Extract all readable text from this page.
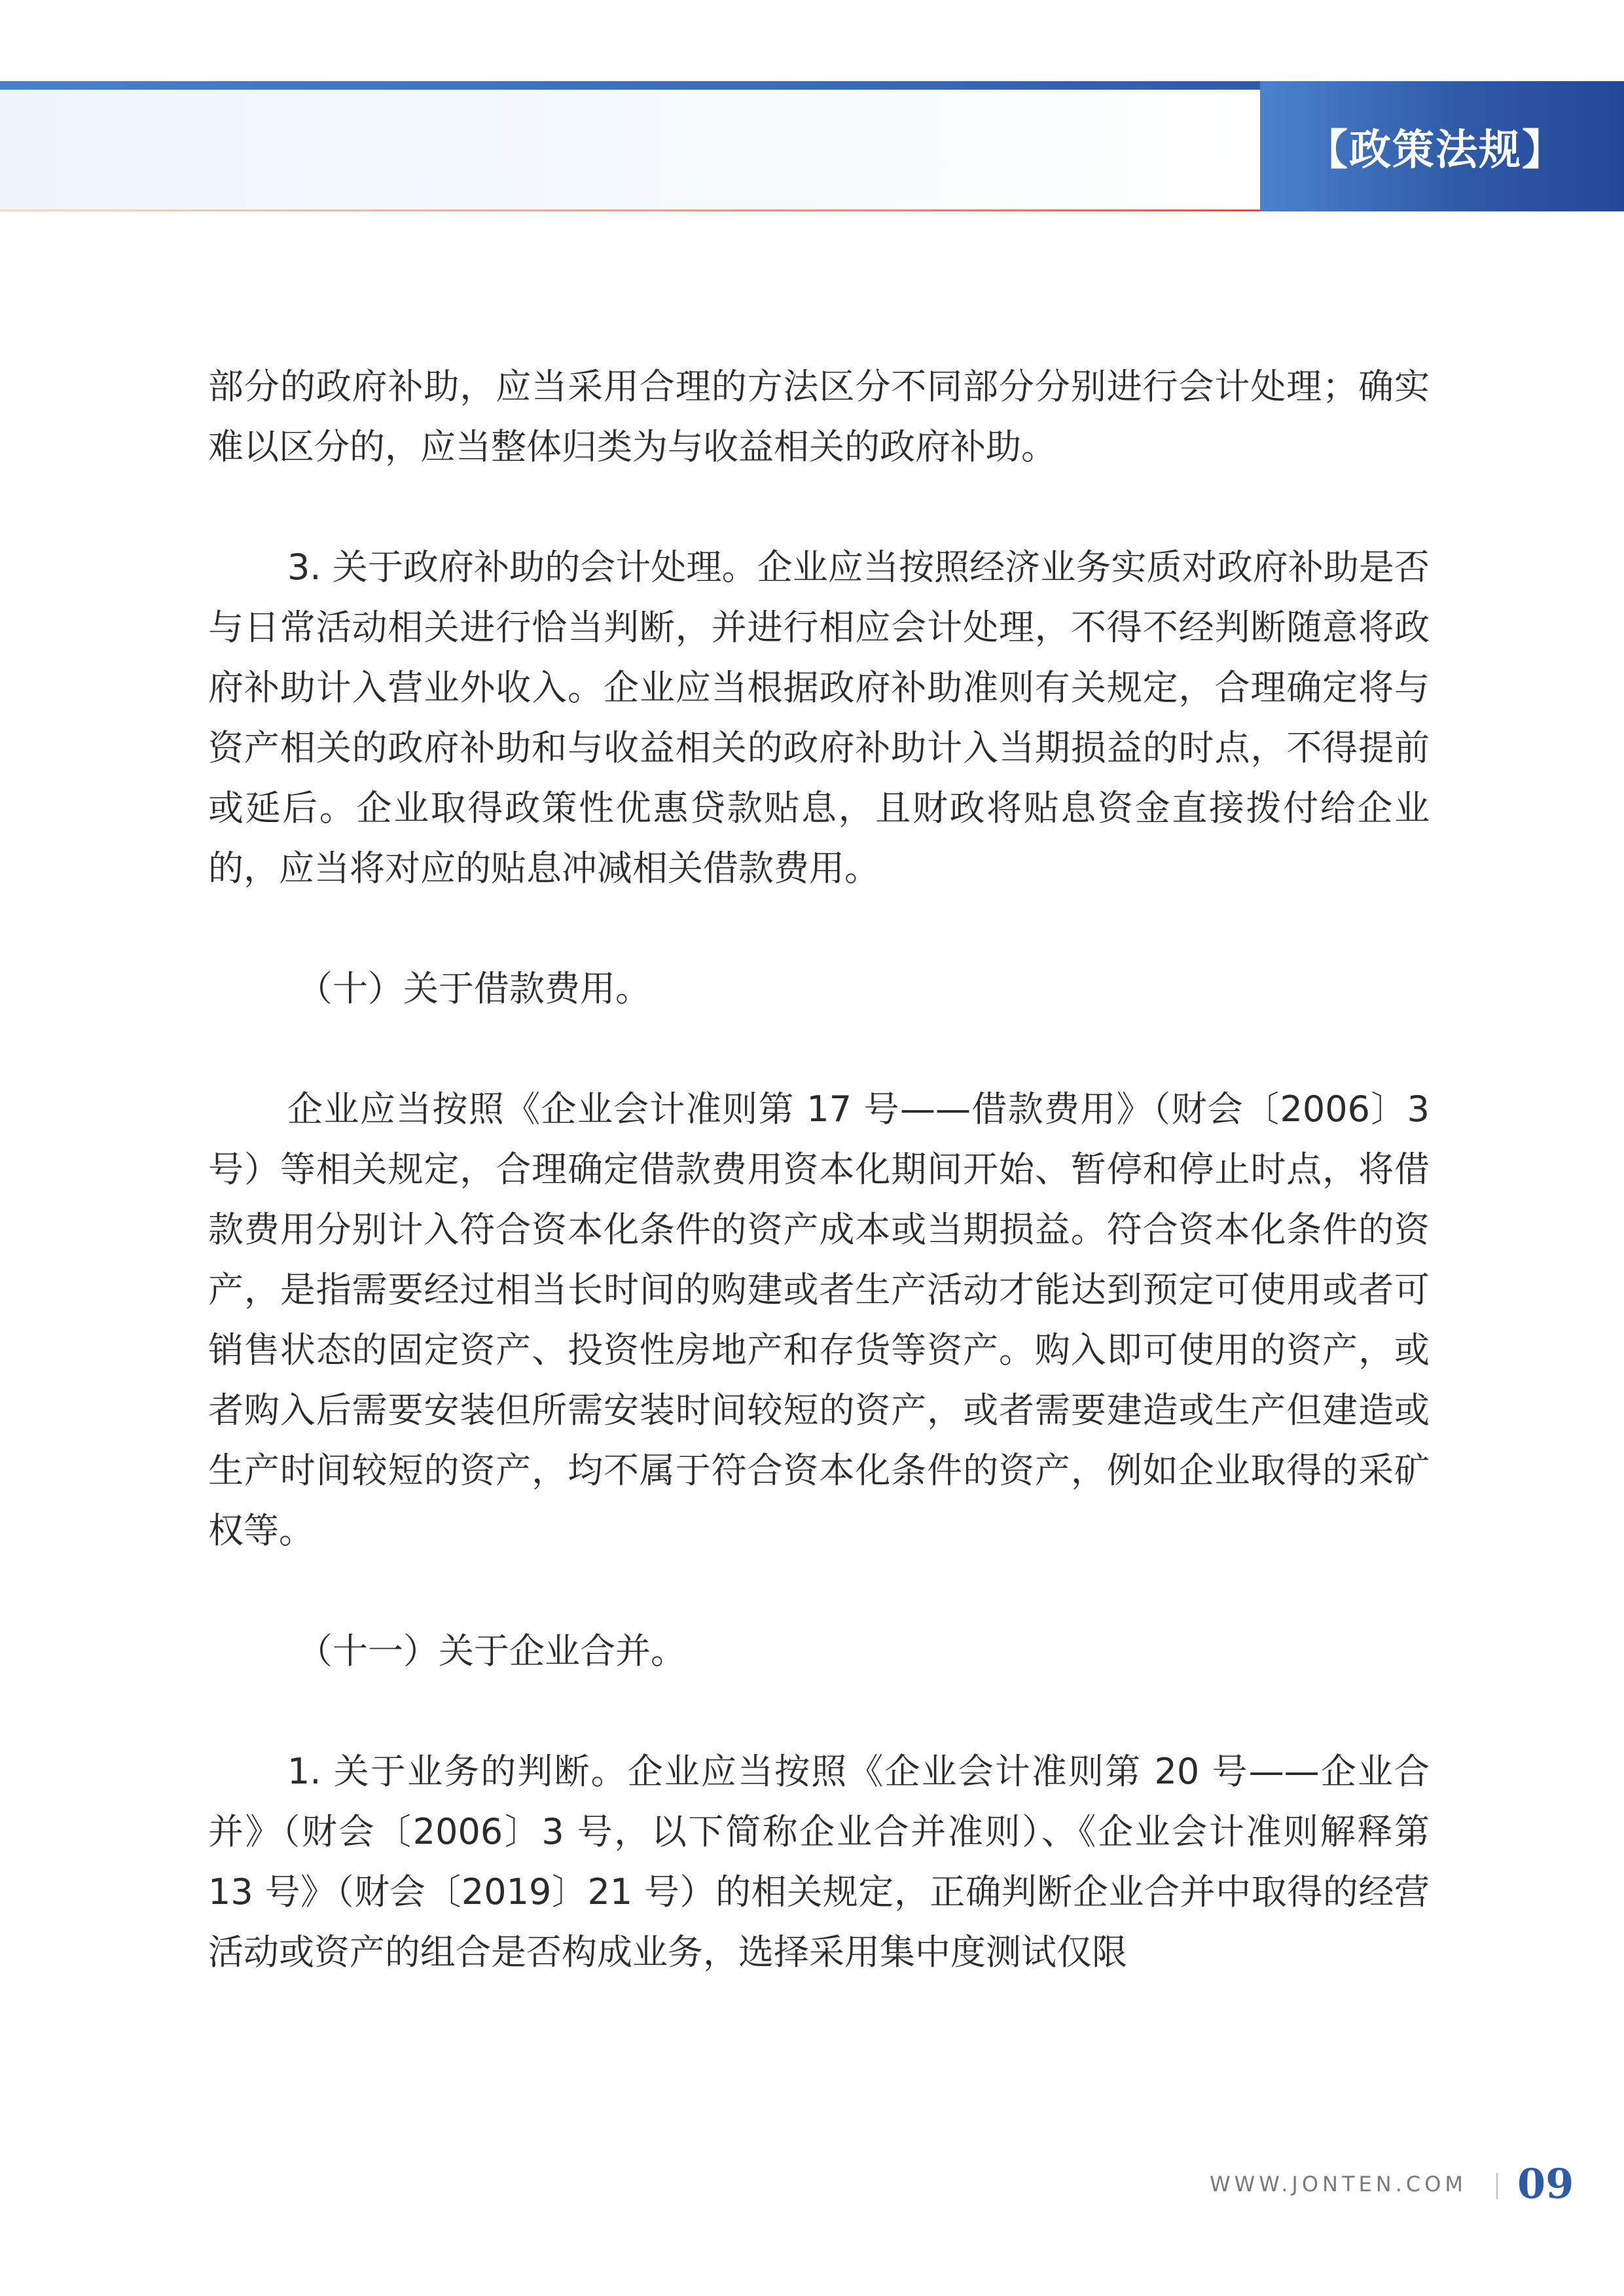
【政策法规】

部分的政府补助，应当采用合理的方法区分不同部分分别进行会计处理；确实难以区分的，应当整体归类为与收益相关的政府补助。

3. 关于政府补助的会计处理。企业应当按照经济业务实质对政府补助是否与日常活动相关进行恰当判断，并进行相应会计处理，不得不经判断随意将政府补助计入营业外收入。企业应当根据政府补助准则有关规定，合理确定将与资产相关的政府补助和与收益相关的政府补助计入当期损益的时点，不得提前或延后。企业取得政策性优惠贷款贴息，且财政将贴息资金直接拨付给企业的，应当将对应的贴息冲减相关借款费用。

（十）关于借款费用。

企业应当按照《企业会计准则第 17 号——借款费用》（财会〔2006〕3 号）等相关规定，合理确定借款费用资本化期间开始、暂停和停止时点，将借款费用分别计入符合资本化条件的资产成本或当期损益。符合资本化条件的资产，是指需要经过相当长时间的购建或者生产活动才能达到预定可使用或者可销售状态的固定资产、投资性房地产和存货等资产。购入即可使用的资产，或者购入后需要安装但所需安装时间较短的资产，或者需要建造或生产但建造或生产时间较短的资产，均不属于符合资本化条件的资产，例如企业取得的采矿权等。

（十一）关于企业合并。

1. 关于业务的判断。企业应当按照《企业会计准则第 20 号——企业合并》（财会〔2006〕3 号，以下简称企业合并准则）、《企业会计准则解释第 13 号》（财会〔2019〕21 号）的相关规定，正确判断企业合并中取得的经营活动或资产的组合是否构成业务，选择采用集中度测试仅限

WWW.JONTEN.COM 09
